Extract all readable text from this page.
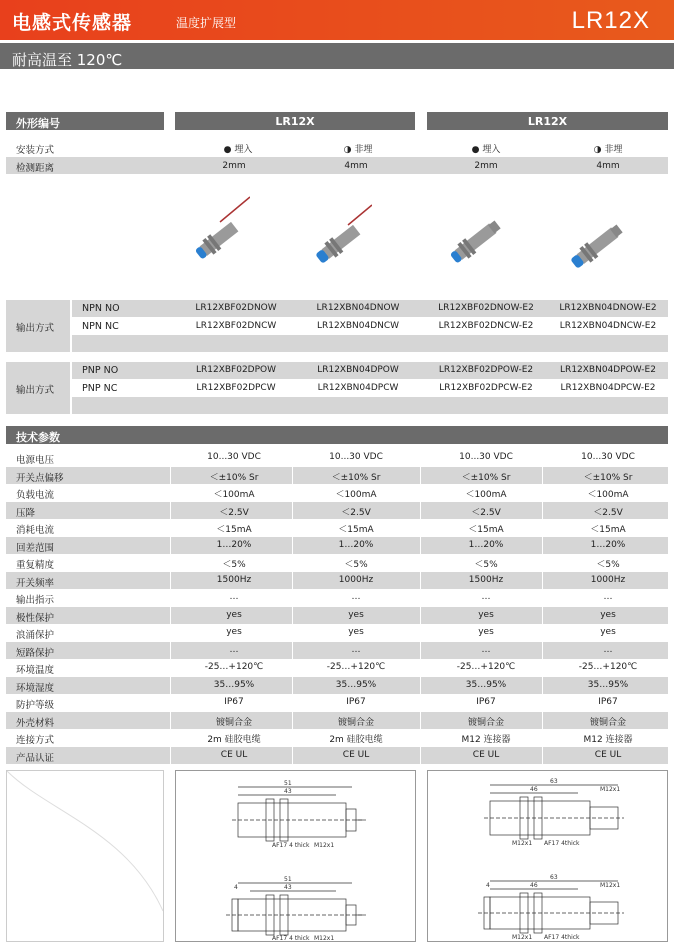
电感式传感器	温度扩展型	LR12X
耐高温至 120℃
外形编号	LR12X	LR12X
安装方式	● 埋入	◑ 非埋	● 埋入	◑ 非埋
检测距离	2mm	4mm	2mm	4mm
输出方式
NPN NO	LR12XBF02DNOW	LR12XBN04DNOW	LR12XBF02DNOW-E2	LR12XBN04DNOW-E2
NPN NC	LR12XBF02DNCW	LR12XBN04DNCW	LR12XBF02DNCW-E2	LR12XBN04DNCW-E2
输出方式
PNP NO	LR12XBF02DPOW	LR12XBN04DPOW	LR12XBF02DPOW-E2	LR12XBN04DPOW-E2
PNP NC	LR12XBF02DPCW	LR12XBN04DPCW	LR12XBF02DPCW-E2	LR12XBN04DPCW-E2
技术参数
电源电压	10...30 VDC	10...30 VDC	10...30 VDC	10...30 VDC
开关点偏移	＜±10% Sr	＜±10% Sr	＜±10% Sr	＜±10% Sr
负载电流	＜100mA	＜100mA	＜100mA	＜100mA
压降	＜2.5V	＜2.5V	＜2.5V	＜2.5V
消耗电流	＜15mA	＜15mA	＜15mA	＜15mA
回差范围	1…20%	1…20%	1…20%	1…20%
重复精度	＜5%	＜5%	＜5%	＜5%
开关频率	1500Hz	1000Hz	1500Hz	1000Hz
输出指示	…	…	…	…
极性保护	yes	yes	yes	yes
浪涌保护	yes	yes	yes	yes
短路保护	…	…	…	…
环境温度	-25…+120℃	-25…+120℃	-25…+120℃	-25…+120℃
环境湿度	35…95%	35…95%	35…95%	35…95%
防护等级	IP67	IP67	IP67	IP67
外壳材料	镀铜合金	镀铜合金	镀铜合金	镀铜合金
连接方式	2m 硅胶电缆	2m 硅胶电缆	M12 连接器	M12 连接器
产品认证	CE UL	CE UL	CE UL	CE UL
51
43
AF17 4 thick M12x1
51
43
4
AF17 4 thick M12x1
63
46	M12x1
M12x1 AF17 4thick
63
46
4	M12x1
M12x1 AF17 4thick
